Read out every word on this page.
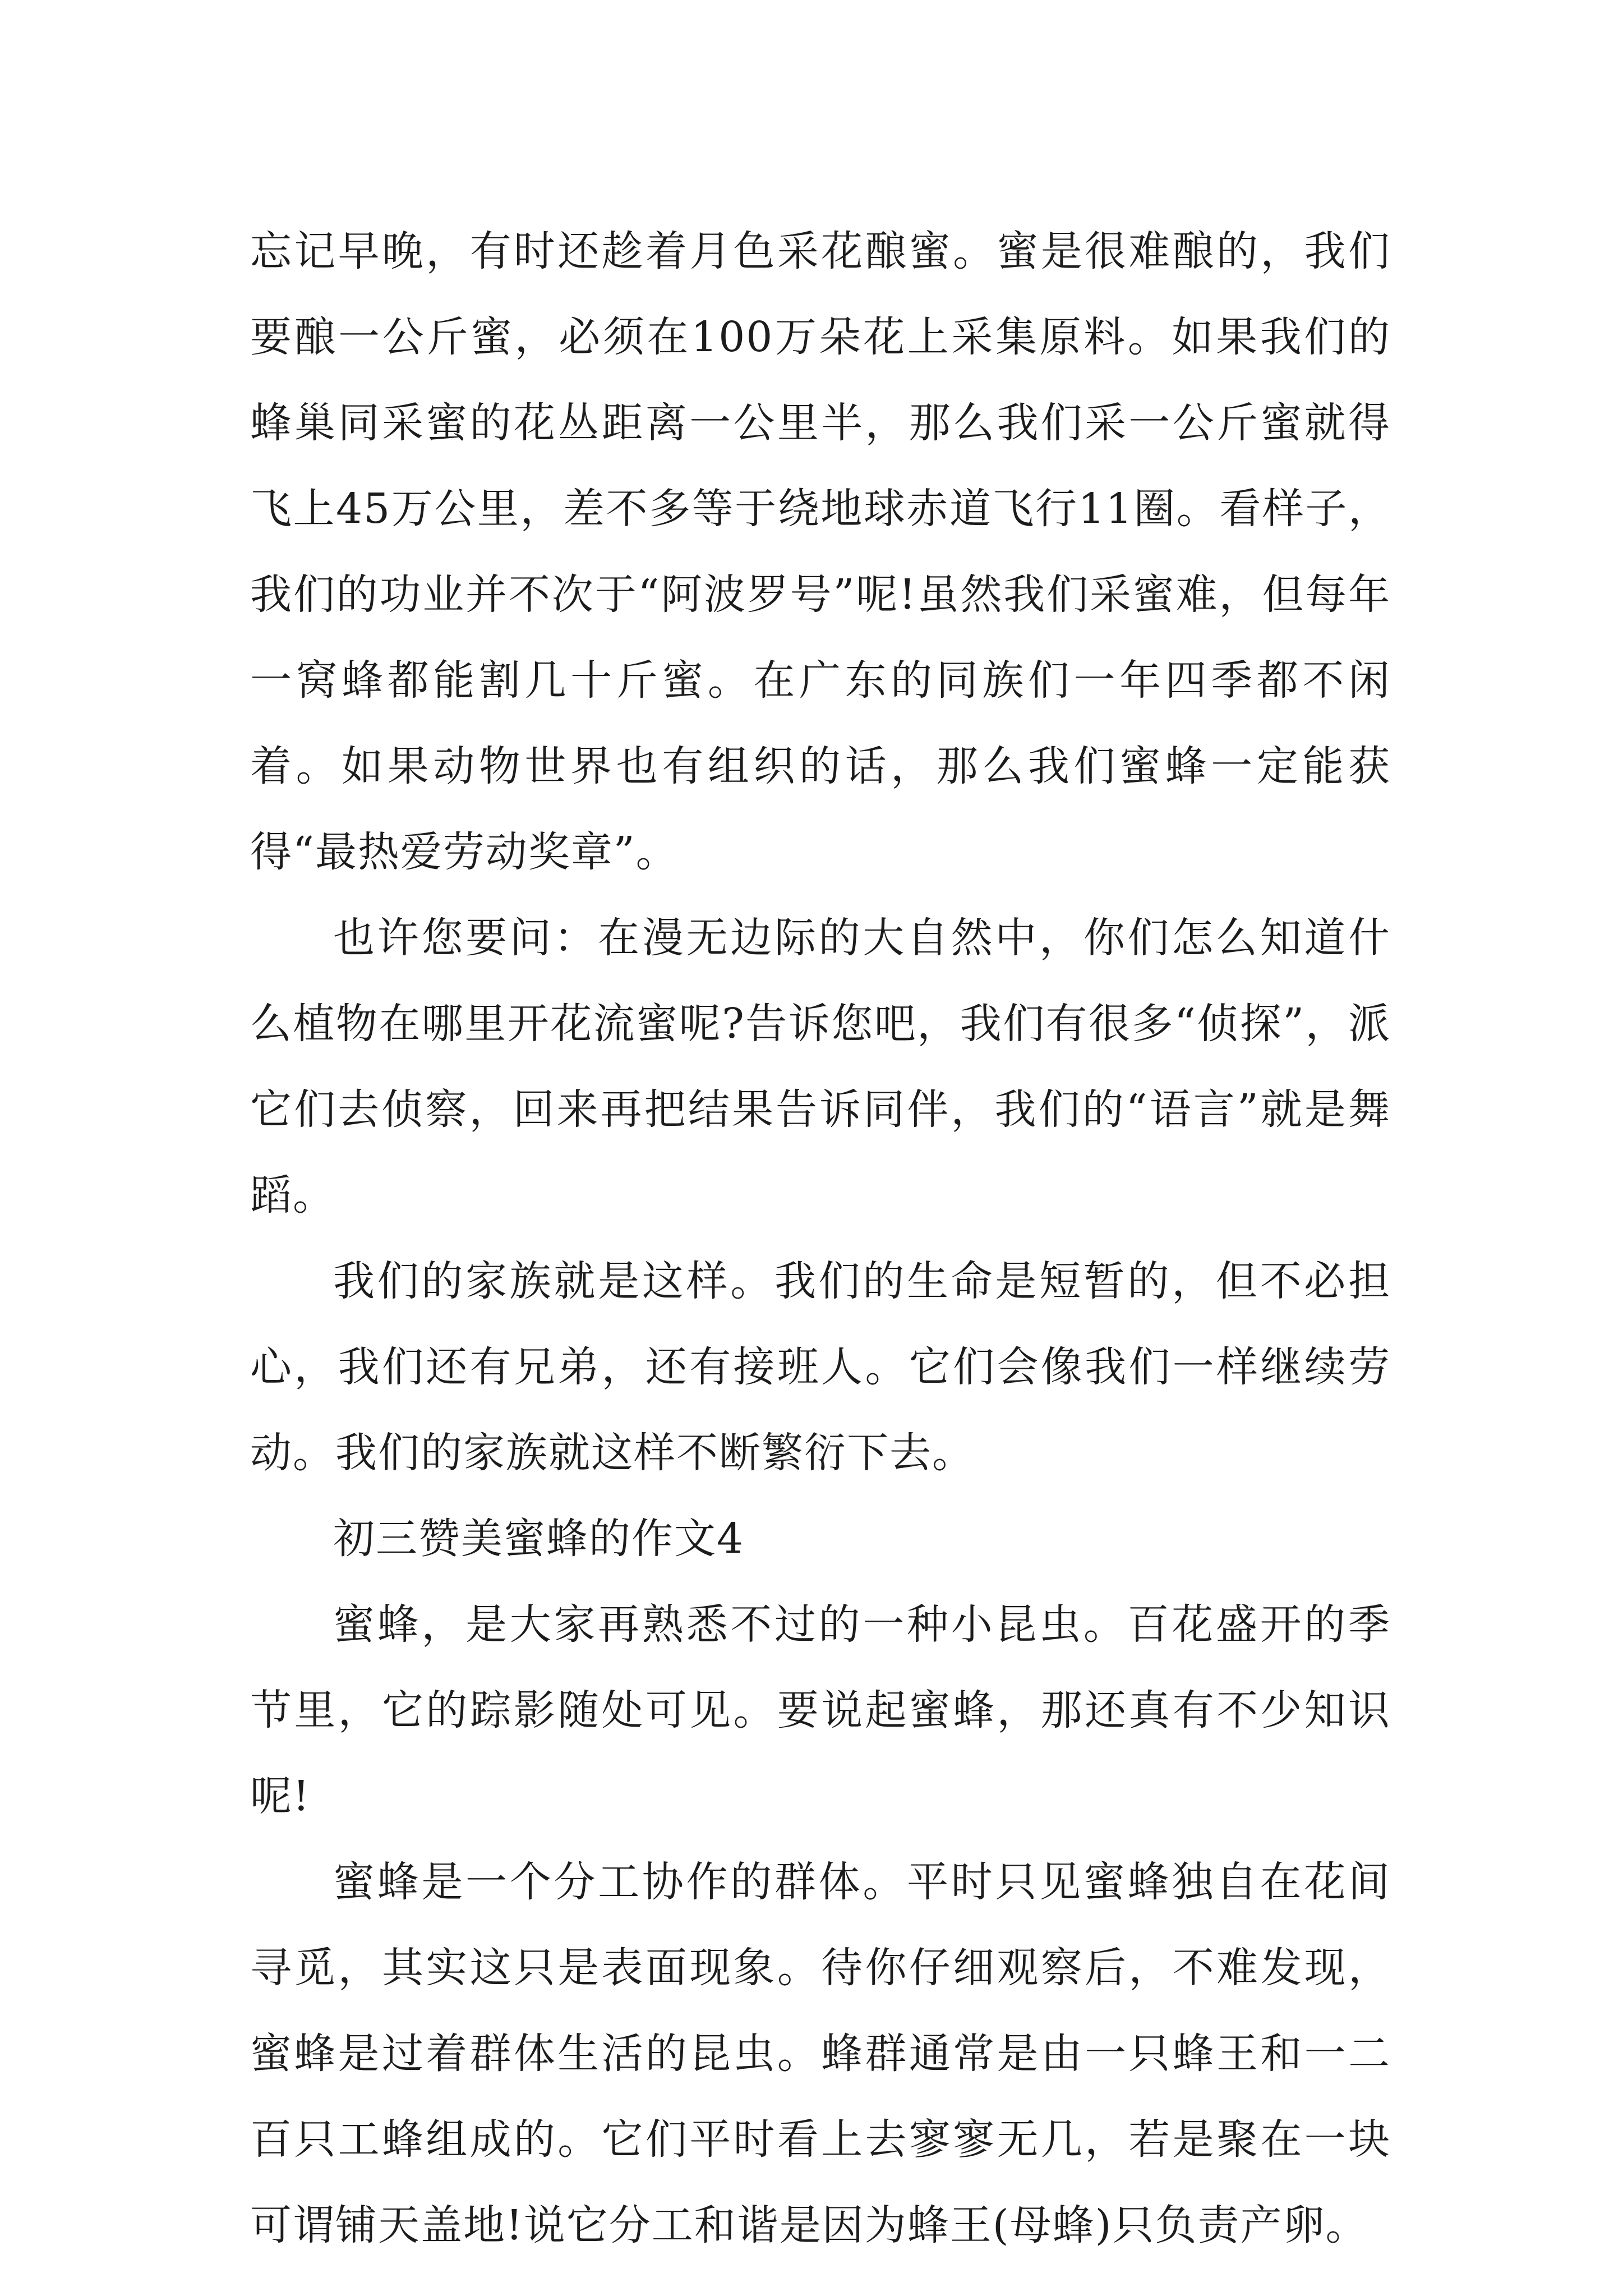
忘记早晚，有时还趁着月色采花酿蜜。蜜是很难酿的，我们要酿一公斤蜜，必须在100万朵花上采集原料。如果我们的蜂巢同采蜜的花丛距离一公里半，那么我们采一公斤蜜就得飞上45万公里，差不多等于绕地球赤道飞行11圈。看样子，我们的功业并不次于“阿波罗号”呢!虽然我们采蜜难，但每年一窝蜂都能割几十斤蜜。在广东的同族们一年四季都不闲着。如果动物世界也有组织的话，那么我们蜜蜂一定能获得“最热爱劳动奖章”。

也许您要问：在漫无边际的大自然中，你们怎么知道什么植物在哪里开花流蜜呢?告诉您吧，我们有很多“侦探”，派它们去侦察，回来再把结果告诉同伴，我们的“语言”就是舞蹈。

我们的家族就是这样。我们的生命是短暂的，但不必担心，我们还有兄弟，还有接班人。它们会像我们一样继续劳动。我们的家族就这样不断繁衍下去。

初三赞美蜜蜂的作文4

蜜蜂，是大家再熟悉不过的一种小昆虫。百花盛开的季节里，它的踪影随处可见。要说起蜜蜂，那还真有不少知识呢!

蜜蜂是一个分工协作的群体。平时只见蜜蜂独自在花间寻觅，其实这只是表面现象。待你仔细观察后，不难发现，蜜蜂是过着群体生活的昆虫。蜂群通常是由一只蜂王和一二百只工蜂组成的。它们平时看上去寥寥无几，若是聚在一块可谓铺天盖地!说它分工和谐是因为蜂王(母蜂)只负责产卵。
